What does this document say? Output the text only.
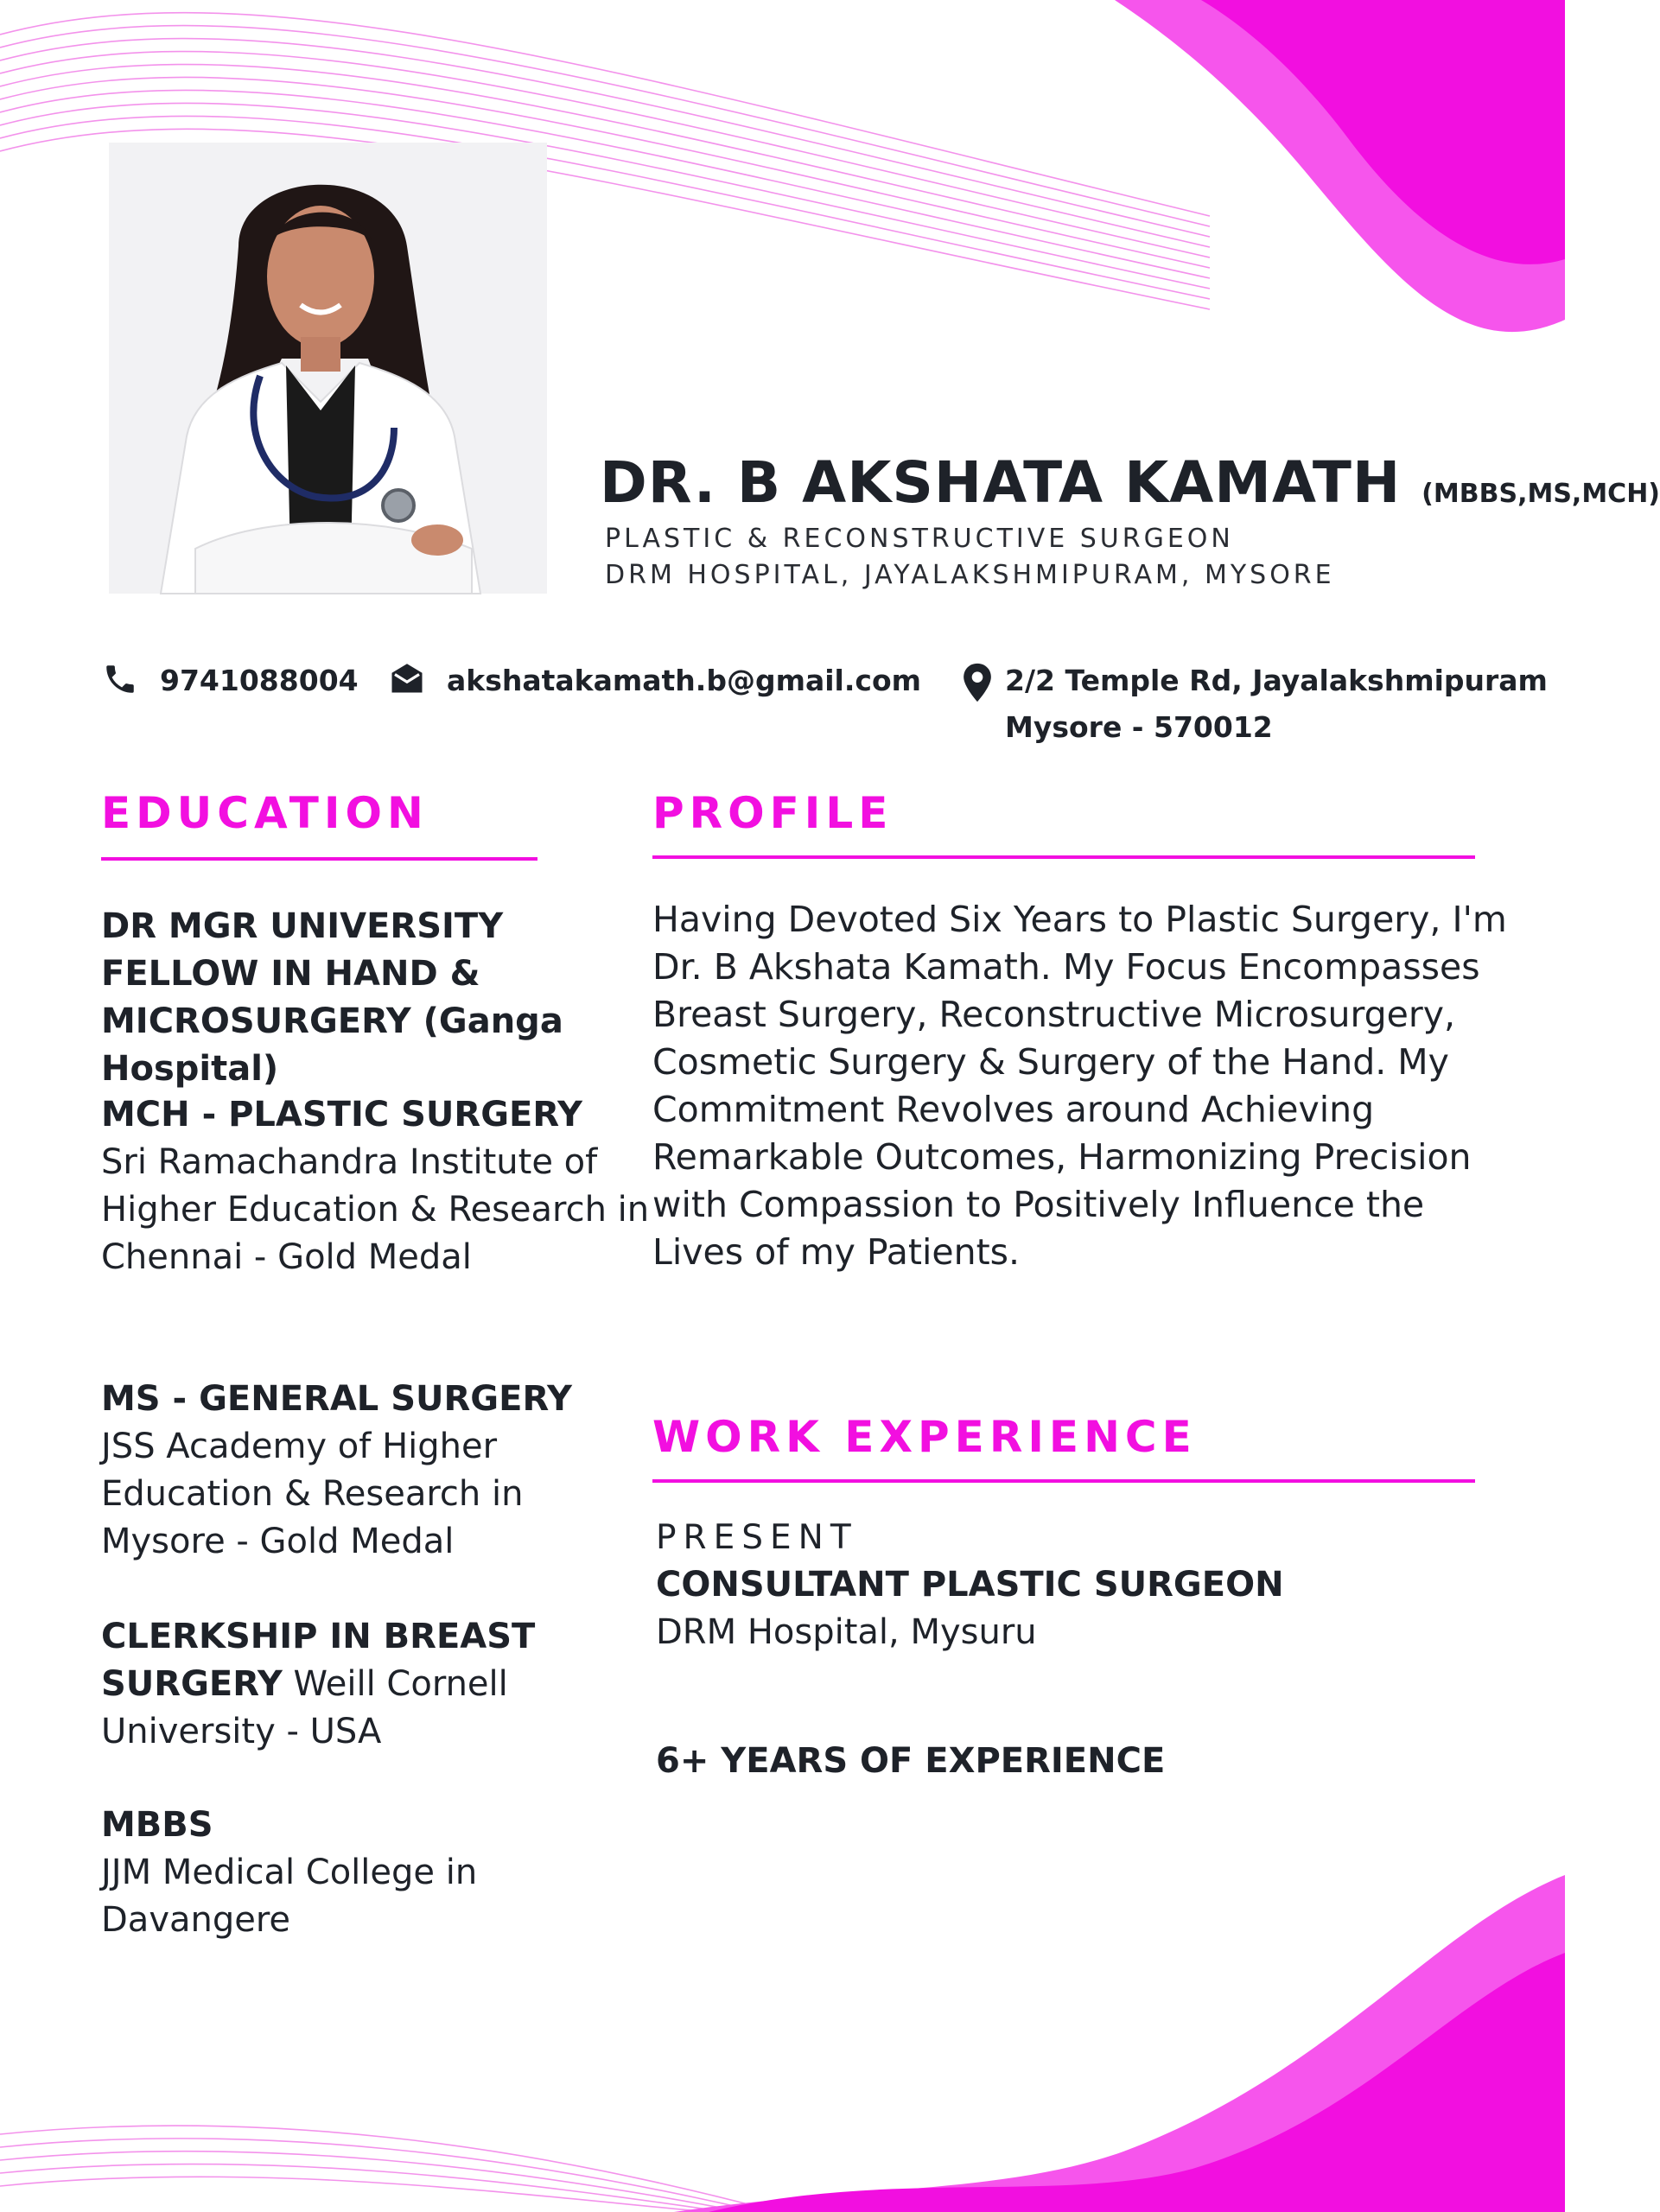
DR. B AKSHATA KAMATH (MBBS,MS,MCH)
PLASTIC & RECONSTRUCTIVE SURGEON
DRM HOSPITAL, JAYALAKSHMIPURAM, MYSORE
9741088004	akshatakamath.b@gmail.com	2/2 Temple Rd, Jayalakshmipuram
Mysore - 570012
EDUCATION
DR MGR UNIVERSITY FELLOW IN HAND & MICROSURGERY (Ganga Hospital)
MCH - PLASTIC SURGERY
Sri Ramachandra Institute of Higher Education & Research in Chennai - Gold Medal
MS - GENERAL SURGERY
JSS Academy of Higher Education & Research in Mysore - Gold Medal
CLERKSHIP IN BREAST SURGERY Weill Cornell University - USA
MBBS
JJM Medical College in Davangere
PROFILE
Having Devoted Six Years to Plastic Surgery, I'm Dr. B Akshata Kamath. My Focus Encompasses Breast Surgery, Reconstructive Microsurgery, Cosmetic Surgery & Surgery of the Hand. My Commitment Revolves around Achieving Remarkable Outcomes, Harmonizing Precision with Compassion to Positively Influence the Lives of my Patients.
WORK EXPERIENCE
PRESENT
CONSULTANT PLASTIC SURGEON
DRM Hospital, Mysuru
6+ YEARS OF EXPERIENCE
